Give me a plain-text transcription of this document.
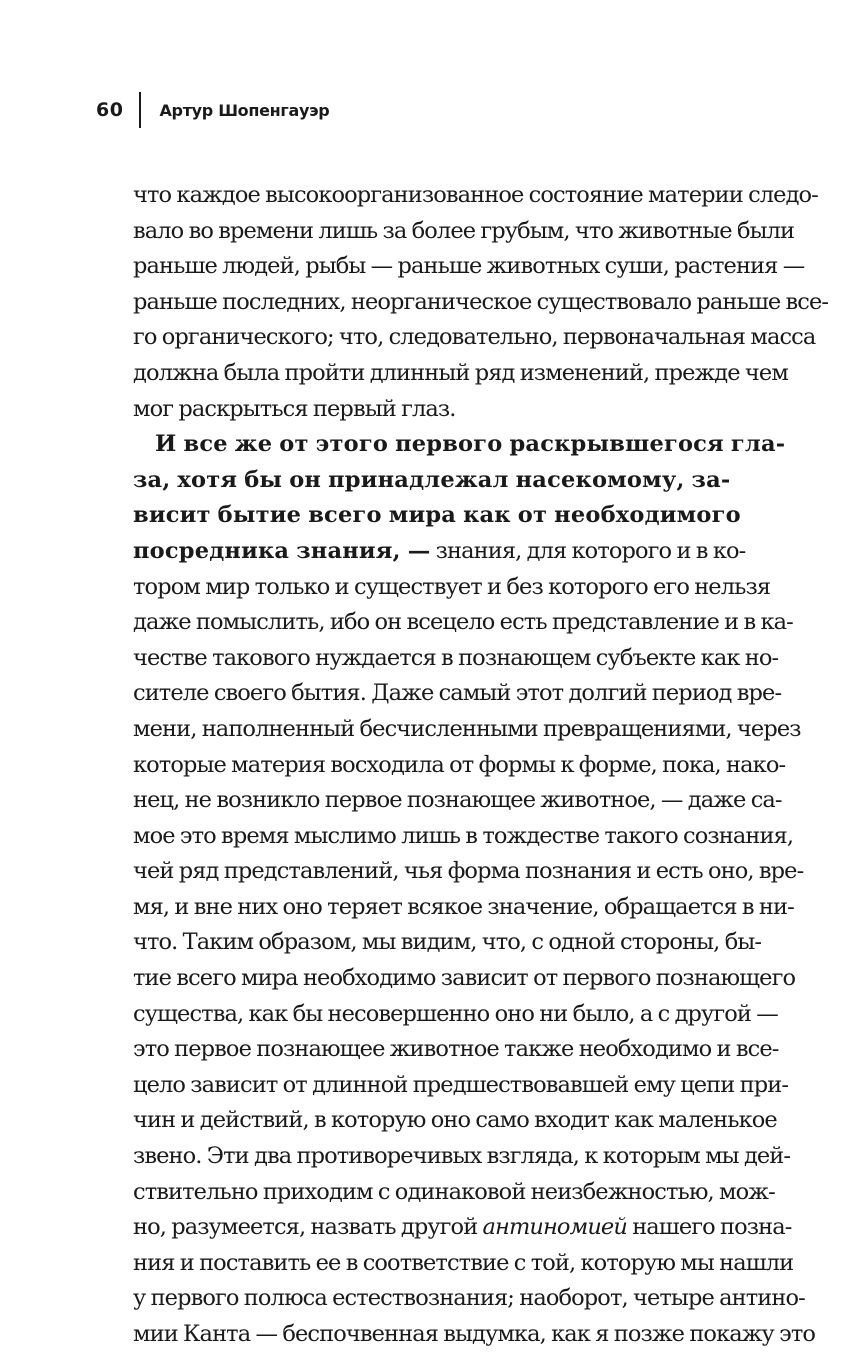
60 Артур Шопенгауэр
что каждое высокоорганизованное состояние материи следо-
вало во времени лишь за более грубым, что животные были
раньше людей, рыбы — раньше животных суши, растения —
раньше последних, неорганическое существовало раньше все-
го органического; что, следовательно, первоначальная масса
должна была пройти длинный ряд изменений, прежде чем
мог раскрыться первый глаз.
И все же от этого первого раскрывшегося гла-
за, хотя бы он принадлежал насекомому, за-
висит бытие всего мира как от необходимого
посредника знания, — знания, для которого и в ко-
тором мир только и существует и без которого его нельзя
даже помыслить, ибо он всецело есть представление и в ка-
честве такового нуждается в познающем субъекте как но-
сителе своего бытия. Даже самый этот долгий период вре-
мени, наполненный бесчисленными превращениями, через
которые материя восходила от формы к форме, пока, нако-
нец, не возникло первое познающее животное, — даже са-
мое это время мыслимо лишь в тождестве такого сознания,
чей ряд представлений, чья форма познания и есть оно, вре-
мя, и вне них оно теряет всякое значение, обращается в ни-
что. Таким образом, мы видим, что, с одной стороны, бы-
тие всего мира необходимо зависит от первого познающего
существа, как бы несовершенно оно ни было, а с другой —
это первое познающее животное также необходимо и все-
цело зависит от длинной предшествовавшей ему цепи при-
чин и действий, в которую оно само входит как маленькое
звено. Эти два противоречивых взгляда, к которым мы дей-
ствительно приходим с одинаковой неизбежностью, мож-
но, разумеется, назвать другой антиномией нашего позна-
ния и поставить ее в соответствие с той, которую мы нашли
у первого полюса естествознания; наоборот, четыре антино-
мии Канта — беспочвенная выдумка, как я позже покажу это
